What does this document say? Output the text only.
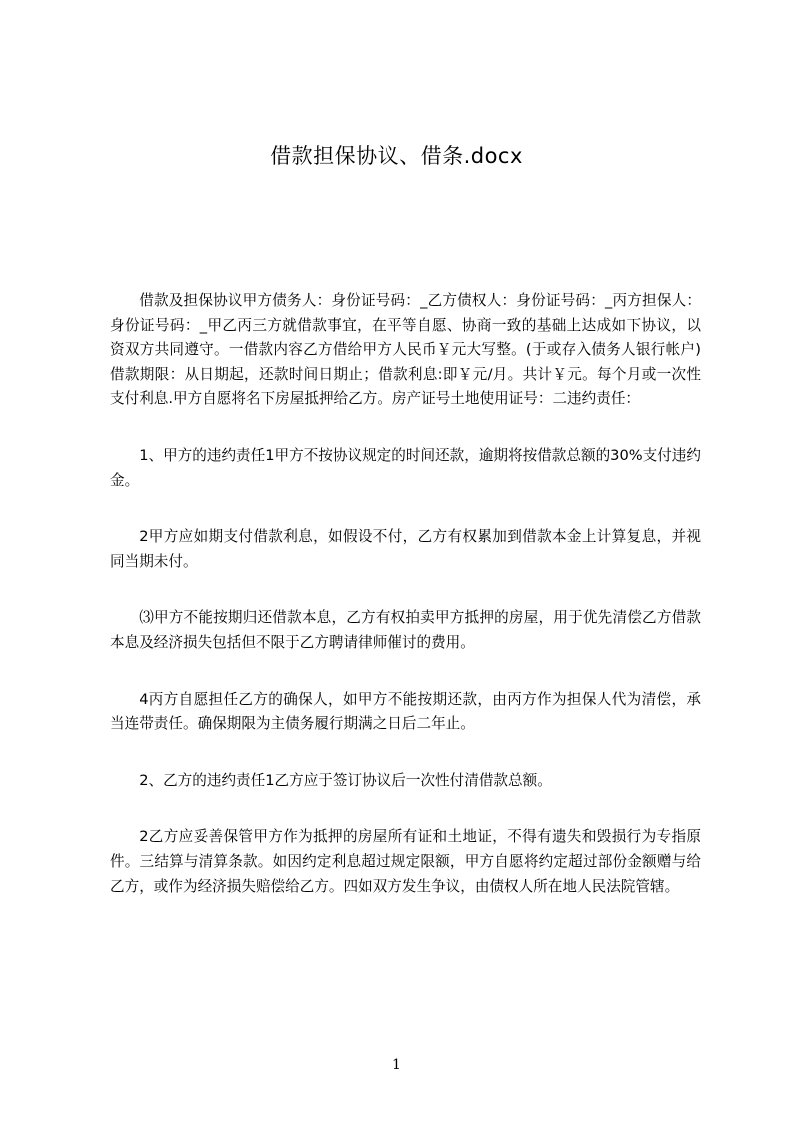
借款担保协议、借条.docx

借款及担保协议甲方债务人：身份证号码：_乙方债权人：身份证号码：_丙方担保人：身份证号码：_甲乙丙三方就借款事宜，在平等自愿、协商一致的基础上达成如下协议，以资双方共同遵守。一借款内容乙方借给甲方人民币￥元大写整。(于或存入债务人银行帐户)借款期限：从日期起，还款时间日期止；借款利息:即￥元/月。共计￥元。每个月或一次性支付利息.甲方自愿将名下房屋抵押给乙方。房产证号土地使用证号：二违约责任：

1、甲方的违约责任1甲方不按协议规定的时间还款，逾期将按借款总额的30%支付违约金。

2甲方应如期支付借款利息，如假设不付，乙方有权累加到借款本金上计算复息，并视同当期未付。

⑶甲方不能按期归还借款本息，乙方有权拍卖甲方抵押的房屋，用于优先清偿乙方借款本息及经济损失包括但不限于乙方聘请律师催讨的费用。

4丙方自愿担任乙方的确保人，如甲方不能按期还款，由丙方作为担保人代为清偿，承当连带责任。确保期限为主债务履行期满之日后二年止。

2、乙方的违约责任1乙方应于签订协议后一次性付清借款总额。

2乙方应妥善保管甲方作为抵押的房屋所有证和土地证，不得有遗失和毁损行为专指原件。三结算与清算条款。如因约定利息超过规定限额，甲方自愿将约定超过部份金额赠与给乙方，或作为经济损失赔偿给乙方。四如双方发生争议，由债权人所在地人民法院管辖。

1
